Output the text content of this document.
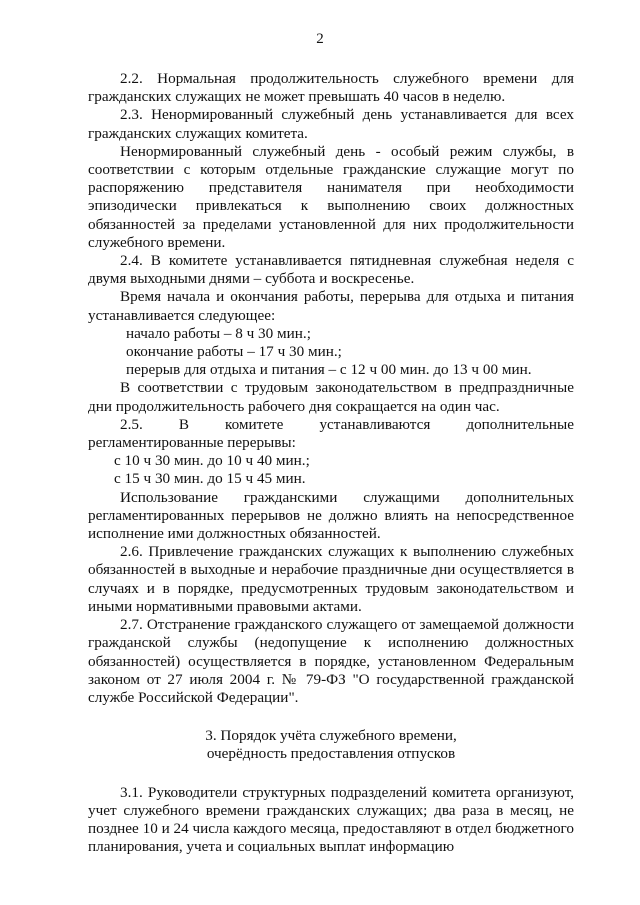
2

2.2. Нормальная продолжительность служебного времени для гражданских служащих не может превышать 40 часов в неделю.

2.3. Ненормированный служебный день устанавливается для всех гражданских служащих комитета.

Ненормированный служебный день - особый режим службы, в соответствии с которым отдельные гражданские служащие могут по распоряжению представителя нанимателя при необходимости эпизодически привлекаться к выполнению своих должностных обязанностей за пределами установленной для них продолжительности служебного времени.

2.4. В комитете устанавливается пятидневная служебная неделя с двумя выходными днями – суббота и воскресенье.

Время начала и окончания работы, перерыва для отдыха и питания устанавливается следующее:

начало работы – 8 ч 30 мин.;

окончание работы – 17 ч 30 мин.;

перерыв для отдыха и питания – с 12 ч 00 мин. до 13 ч 00 мин.

В соответствии с трудовым законодательством в предпраздничные дни продолжительность рабочего дня сокращается на один час.

2.5. В комитете устанавливаются дополнительные регламентированные перерывы:

с 10 ч 30 мин. до 10 ч 40 мин.;

с 15 ч 30 мин. до 15 ч 45 мин.

Использование гражданскими служащими дополнительных регламентированных перерывов не должно влиять на непосредственное исполнение ими должностных обязанностей.

2.6. Привлечение гражданских служащих к выполнению служебных обязанностей в выходные и нерабочие праздничные дни осуществляется в случаях и в порядке, предусмотренных трудовым законодательством и иными нормативными правовыми актами.

2.7. Отстранение гражданского служащего от замещаемой должности гражданской службы (недопущение к исполнению должностных обязанностей) осуществляется в порядке, установленном Федеральным законом от 27 июля 2004 г. № 79-ФЗ "О государственной гражданской службе Российской Федерации".

3. Порядок учёта служебного времени,
очерёдность предоставления отпусков

3.1. Руководители структурных подразделений комитета организуют, учет служебного времени гражданских служащих; два раза в месяц, не позднее 10 и 24 числа каждого месяца, предоставляют в отдел бюджетного планирования, учета и социальных выплат информацию
